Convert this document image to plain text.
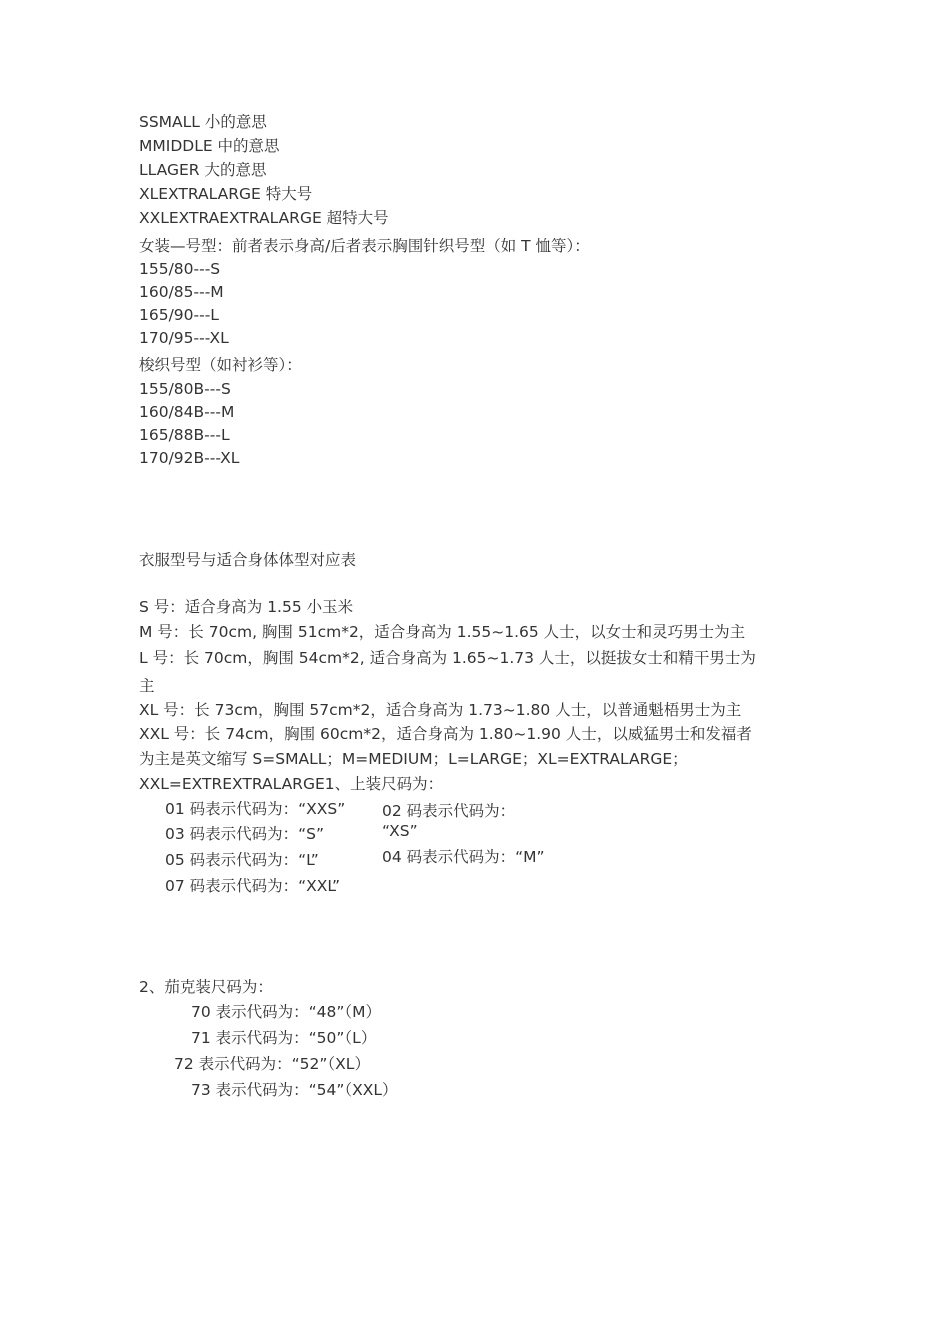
SSMALL 小的意思
MMIDDLE 中的意思
LLAGER 大的意思
XLEXTRALARGE 特大号
XXLEXTRAEXTRALARGE 超特大号
女装—号型：前者表示身高/后者表示胸围针织号型（如 T 恤等）：
155/80---S
160/85---M
165/90---L
170/95---XL
梭织号型（如衬衫等）：
155/80B---S
160/84B---M
165/88B---L
170/92B---XL
衣服型号与适合身体体型对应表
S 号：适合身高为 1.55 小玉米
M 号：长 70cm, 胸围 51cm*2，适合身高为 1.55~1.65 人士，以女士和灵巧男士为主
L 号：长 70cm，胸围 54cm*2, 适合身高为 1.65~1.73 人士，以挺拔女士和精干男士为
主
XL 号：长 73cm，胸围 57cm*2，适合身高为 1.73~1.80 人士，以普通魁梧男士为主
XXL 号：长 74cm，胸围 60cm*2，适合身高为 1.80~1.90 人士，以威猛男士和发福者
为主是英文缩写 S=SMALL；M=MEDIUM；L=LARGE；XL=EXTRALARGE；
XXL=EXTREXTRALARGE1、上装尺码为：
01 码表示代码为：“XXS”
03 码表示代码为：“S”
05 码表示代码为：“L”
07 码表示代码为：“XXL”
02 码表示代码为：
“XS”
04 码表示代码为：“M”
2、茄克装尺码为：
70 表示代码为：“48”（M）
71 表示代码为：“50”（L）
72 表示代码为：“52”（XL）
73 表示代码为：“54”（XXL）
